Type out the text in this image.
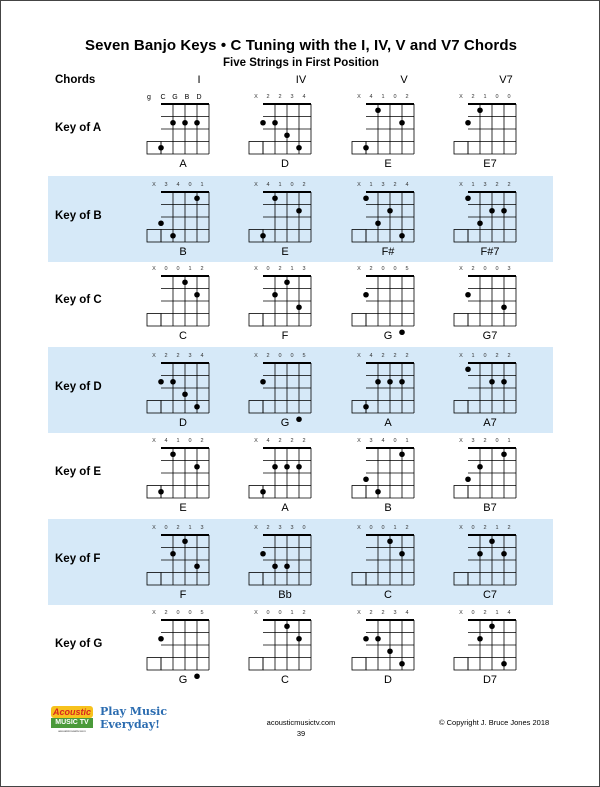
Seven Banjo Keys • C Tuning with the I, IV, V and V7 Chords
Five Strings in First Position
Chords	I	IV	V	V7
Key of A
g C G B D
A
X 2 2 3 4
D
X 4 1 0 2
E
X 2 1 0 0
E7
Key of B
X 3 4 0 1
B
X 4 1 0 2
E
X 1 3 2 4
F#
X 1 3 2 2
F#7
Key of C
X 0 0 1 2
C
X 0 2 1 3
F
X 2 0 0 5
G
X 2 0 0 3
G7
Key of D
X 2 2 3 4
D
X 2 0 0 5
G
X 4 2 2 2
A
X 1 0 2 2
A7
Key of E
X 4 1 0 2
E
X 4 2 2 2
A
X 3 4 0 1
B
X 3 2 0 1
B7
Key of F
X 0 2 1 3
F
X 2 3 3 0
Bb
X 0 0 1 2
C
X 0 2 1 2
C7
Key of G
X 2 0 0 5
G
X 0 0 1 2
C
X 2 2 3 4
D
X 0 2 1 4
D7
Acoustic
MUSIC TV
acousticmusictv.com
Play Music
Everyday!	acousticmusictv.com
39
© Copyright J. Bruce Jones 2018
